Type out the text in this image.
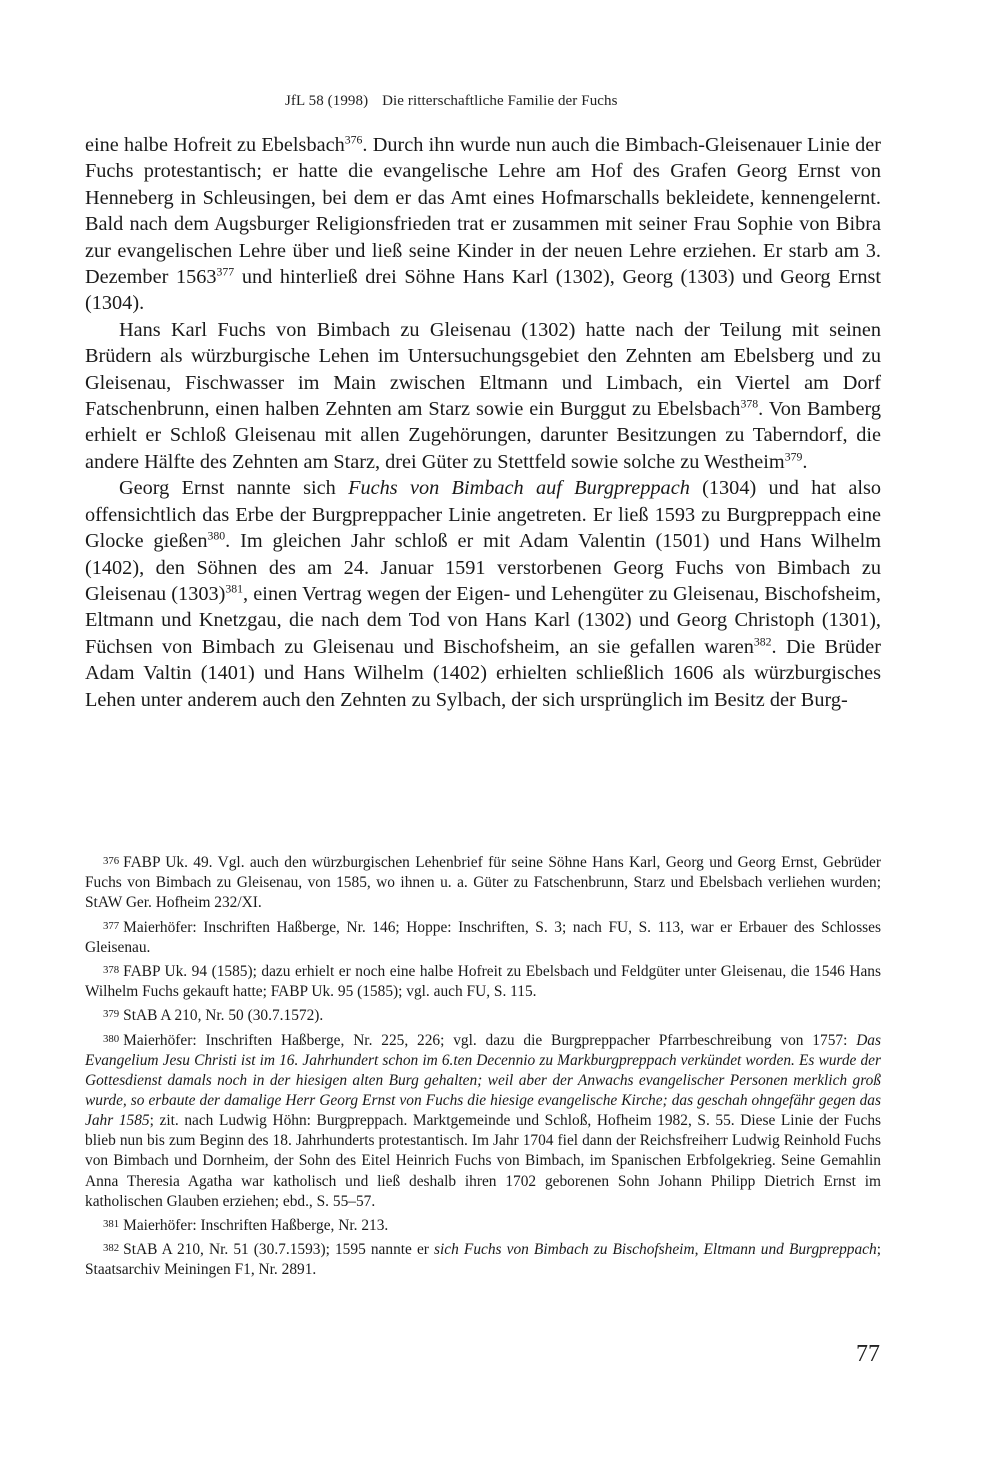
JfL 58 (1998) Die ritterschaftliche Familie der Fuchs

eine halbe Hofreit zu Ebelsbach$^{376}$. Durch ihn wurde nun auch die Bimbach-Gleisenauer Linie der Fuchs protestantisch; er hatte die evangelische Lehre am Hof des Grafen Georg Ernst von Henneberg in Schleusingen, bei dem er das Amt eines Hofmarschalls bekleidete, kennengelernt. Bald nach dem Augsburger Religionsfrieden trat er zusammen mit seiner Frau Sophie von Bibra zur evangelischen Lehre über und ließ seine Kinder in der neuen Lehre erziehen. Er starb am 3. Dezember 1563$^{377}$ und hinterließ drei Söhne Hans Karl (1302), Georg (1303) und Georg Ernst (1304).

Hans Karl Fuchs von Bimbach zu Gleisenau (1302) hatte nach der Teilung mit seinen Brüdern als würzburgische Lehen im Untersuchungsgebiet den Zehnten am Ebelsberg und zu Gleisenau, Fischwasser im Main zwischen Eltmann und Limbach, ein Viertel am Dorf Fatschenbrunn, einen halben Zehnten am Starz sowie ein Burggut zu Ebelsbach$^{378}$. Von Bamberg erhielt er Schloß Gleisenau mit allen Zugehörungen, darunter Besitzungen zu Taberndorf, die andere Hälfte des Zehnten am Starz, drei Güter zu Stettfeld sowie solche zu Westheim$^{379}$.

Georg Ernst nannte sich Fuchs von Bimbach auf Burgpreppach (1304) und hat also offensichtlich das Erbe der Burgpreppacher Linie angetreten. Er ließ 1593 zu Burgpreppach eine Glocke gießen$^{380}$. Im gleichen Jahr schloß er mit Adam Valentin (1501) und Hans Wilhelm (1402), den Söhnen des am 24. Januar 1591 verstorbenen Georg Fuchs von Bimbach zu Gleisenau $(1303)^{381}$, einen Vertrag wegen der Eigen- und Lehengüter zu Gleisenau, Bischofsheim, Eltmann und Knetzgau, die nach dem Tod von Hans Karl (1302) und Georg Christoph (1301), Füchsen von Bimbach zu Gleisenau und Bischofsheim, an sie gefallen waren$^{382}$. Die Brüder Adam Valtin (1401) und Hans Wilhelm (1402) erhielten schließlich 1606 als würzburgisches Lehen unter anderem auch den Zehnten zu Sylbach, der sich ursprünglich im Besitz der Burg-

$^{376}$ FABP Uk. 49. Vgl. auch den würzburgischen Lehenbrief für seine Söhne Hans Karl, Georg und Georg Ernst, Gebrüder Fuchs von Bimbach zu Gleisenau, von 1585, wo ihnen u. a. Güter zu Fatschenbrunn, Starz und Ebelsbach verliehen wurden; StAW Ger. Hofheim 232/XI.

$^{377}$ Maierhöfer: Inschriften Haßberge, Nr. 146; Hoppe: Inschriften, S. 3; nach FU, S. 113, war er Erbauer des Schlosses Gleisenau.

$^{378}$ FABP Uk. 94 (1585); dazu erhielt er noch eine halbe Hofreit zu Ebelsbach und Feldgüter unter Gleisenau, die 1546 Hans Wilhelm Fuchs gekauft hatte; FABP Uk. 95 (1585); vgl. auch FU, S. 115.

$^{379}$ StAB A 210, Nr. 50 (30.7.1572).

$^{380}$ Maierhöfer: Inschriften Haßberge, Nr. 225, 226; vgl. dazu die Burgpreppacher Pfarrbeschreibung von 1757: Das Evangelium Jesu Christi ist im 16. Jahrhundert schon im 6.ten Decennio zu Markburgpreppach verkündet worden. Es wurde der Gottesdienst damals noch in der hiesigen alten Burg gehalten; weil aber der Anwachs evangelischer Personen merklich groß wurde, so erbaute der damalige Herr Georg Ernst von Fuchs die hiesige evangelische Kirche; das geschah ohngefähr gegen das Jahr 1585; zit. nach Ludwig Höhn: Burgpreppach. Marktgemeinde und Schloß, Hofheim 1982, S. 55. Diese Linie der Fuchs blieb nun bis zum Beginn des 18. Jahrhunderts protestantisch. Im Jahr 1704 fiel dann der Reichsfreiherr Ludwig Reinhold Fuchs von Bimbach und Dornheim, der Sohn des Eitel Heinrich Fuchs von Bimbach, im Spanischen Erbfolgekrieg. Seine Gemahlin Anna Theresia Agatha war katholisch und ließ deshalb ihren 1702 geborenen Sohn Johann Philipp Dietrich Ernst im katholischen Glauben erziehen; ebd., S. 55–57.

$^{381}$ Maierhöfer: Inschriften Haßberge, Nr. 213.

$^{382}$ StAB A 210, Nr. 51 (30.7.1593); 1595 nannte er sich Fuchs von Bimbach zu Bischofsheim, Eltmann und Burgpreppach; Staatsarchiv Meiningen F1, Nr. 2891.

77
